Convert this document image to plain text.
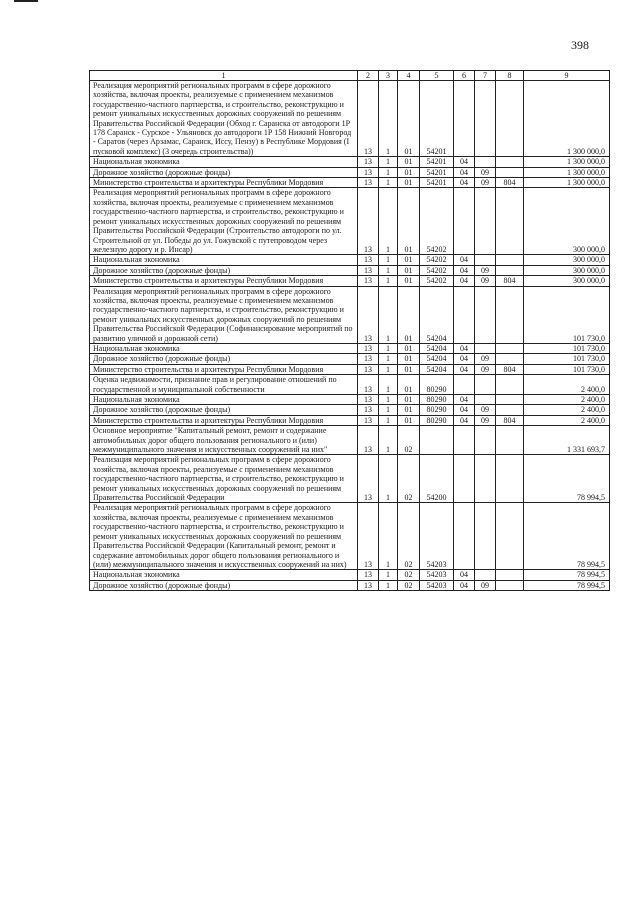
398
1	2	3	4	5	6	7	8	9
Реализация мероприятий региональных программ в сфере дорожного хозяйства, включая проекты, реализуемые с применением механизмов государственно-частного партнерства, и строительство, реконструкцию и ремонт уникальных искусственных дорожных сооружений по решениям Правительства Российской Федерации (Обход г. Саранска от автодороги 1Р 178 Саранск - Сурское - Ульяновск до автодороги 1Р 158 Нижний Новгород - Саратов (через Арзамас, Саранск, Иссу, Пензу) в Республике Мордовия (I пусковой комплекс) (3 очередь строительства))	13	1	01	54201				1 300 000,0
Национальная экономика	13	1	01	54201	04			1 300 000,0
Дорожное хозяйство (дорожные фонды)	13	1	01	54201	04	09		1 300 000,0
Министерство строительства и архитектуры Республики Мордовия	13	1	01	54201	04	09	804	1 300 000,0
Реализация мероприятий региональных программ в сфере дорожного хозяйства, включая проекты, реализуемые с применением механизмов государственно-частного партнерства, и строительство, реконструкцию и ремонт уникальных искусственных дорожных сооружений по решениям Правительства Российской Федерации (Строительство автодороги по ул. Строительной от ул. Победы до ул. Гожувской с путепроводом через железную дорогу и р. Инсар)	13	1	01	54202				300 000,0
Национальная экономика	13	1	01	54202	04			300 000,0
Дорожное хозяйство (дорожные фонды)	13	1	01	54202	04	09		300 000,0
Министерство строительства и архитектуры Республики Мордовия	13	1	01	54202	04	09	804	300 000,0
Реализация мероприятий региональных программ в сфере дорожного хозяйства, включая проекты, реализуемые с применением механизмов государственно-частного партнерства, и строительство, реконструкцию и ремонт уникальных искусственных дорожных сооружений по решениям Правительства Российской Федерации (Софинансирование мероприятий по развитию уличной и дорожной сети)	13	1	01	54204				101 730,0
Национальная экономика	13	1	01	54204	04			101 730,0
Дорожное хозяйство (дорожные фонды)	13	1	01	54204	04	09		101 730,0
Министерство строительства и архитектуры Республики Мордовия	13	1	01	54204	04	09	804	101 730,0
Оценка недвижимости, признание прав и регулирование отношений по государственной и муниципальной собственности	13	1	01	80290				2 400,0
Национальная экономика	13	1	01	80290	04			2 400,0
Дорожное хозяйство (дорожные фонды)	13	1	01	80290	04	09		2 400,0
Министерство строительства и архитектуры Республики Мордовия	13	1	01	80290	04	09	804	2 400,0
Основное мероприятие "Капитальный ремонт, ремонт и содержание автомобильных дорог общего пользования регионального и (или) межмуниципального значения и искусственных сооружений на них"	13	1	02					1 331 693,7
Реализация мероприятий региональных программ в сфере дорожного хозяйства, включая проекты, реализуемые с применением механизмов государственно-частного партнерства, и строительство, реконструкцию и ремонт уникальных искусственных дорожных сооружений по решениям Правительства Российской Федерации	13	1	02	54200				78 994,5
Реализация мероприятий региональных программ в сфере дорожного хозяйства, включая проекты, реализуемые с применением механизмов государственно-частного партнерства, и строительство, реконструкцию и ремонт уникальных искусственных дорожных сооружений по решениям Правительства Российской Федерации (Капитальный ремонт, ремонт и содержание автомобильных дорог общего пользования регионального и (или) межмуниципального значения и искусственных сооружений на них)	13	1	02	54203				78 994,5
Национальная экономика	13	1	02	54203	04			78 994,5
Дорожное хозяйство (дорожные фонды)	13	1	02	54203	04	09		78 994,5
